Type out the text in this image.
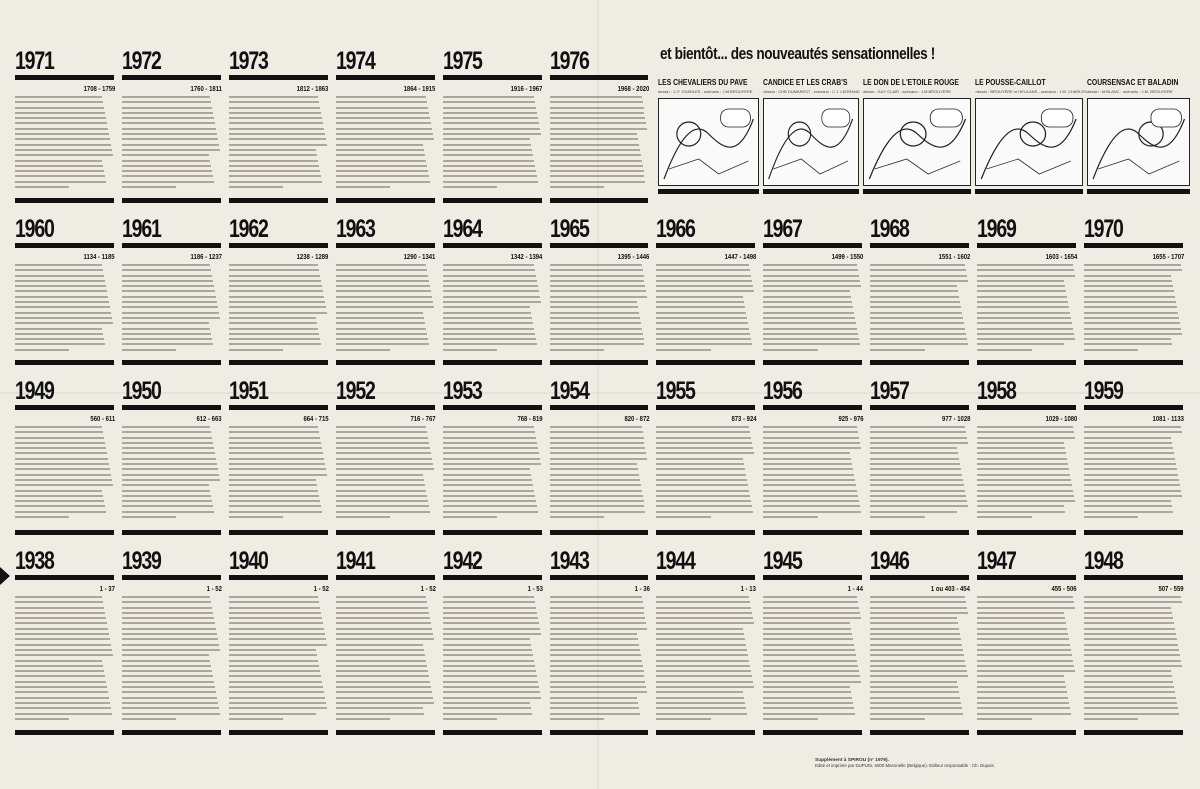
1971
1708 - 1759
1972
1760 - 1811
1973
1812 - 1863
1974
1864 - 1915
1975
1916 - 1967
1976
1968 - 2020
et bientôt... des nouveautés sensationnelles !
LES CHEVALIERS DU PAVE
dessin : J.-F. CHARLES - scénario : J.M.BROUYERE
CANDICE ET LES CRAB'S
dessin : CHB DUMAREST - scénario : C.J. LEGRAND
LE DON DE L'ETOILE ROUGE
dessin : GUY CLAIR - scénario : J.M.BROUYERE
LE POUSSE-CAILLOT
dessin : BROUYÈRE et HEULANS - scénario : J.M. CHARLES
COURSENSAC ET BALADIN
dessin : M.BLANC - scénario : J.M. BROUYERE
1960
1134 - 1185
1961
1186 - 1237
1962
1238 - 1289
1963
1290 - 1341
1964
1342 - 1394
1965
1395 - 1446
1966
1447 - 1498
1967
1499 - 1550
1968
1551 - 1602
1969
1603 - 1654
1970
1655 - 1707
1949
560 - 611
1950
612 - 663
1951
664 - 715
1952
716 - 767
1953
768 - 819
1954
820 - 872
1955
873 - 924
1956
925 - 976
1957
977 - 1028
1958
1029 - 1080
1959
1081 - 1133
1938
1 - 37
1939
1 - 52
1940
1 - 52
1941
1 - 52
1942
1 - 53
1943
1 - 36
1944
1 - 13
1945
1 - 44
1946
1 ou 403 - 454
1947
455 - 506
1948
507 - 559
Supplément à SPIROU (n° 1979).
Edité et imprimé par DUPUIS, 6000 Marcinelle (Belgique). Editeur responsable : Ch. Dupuis.
